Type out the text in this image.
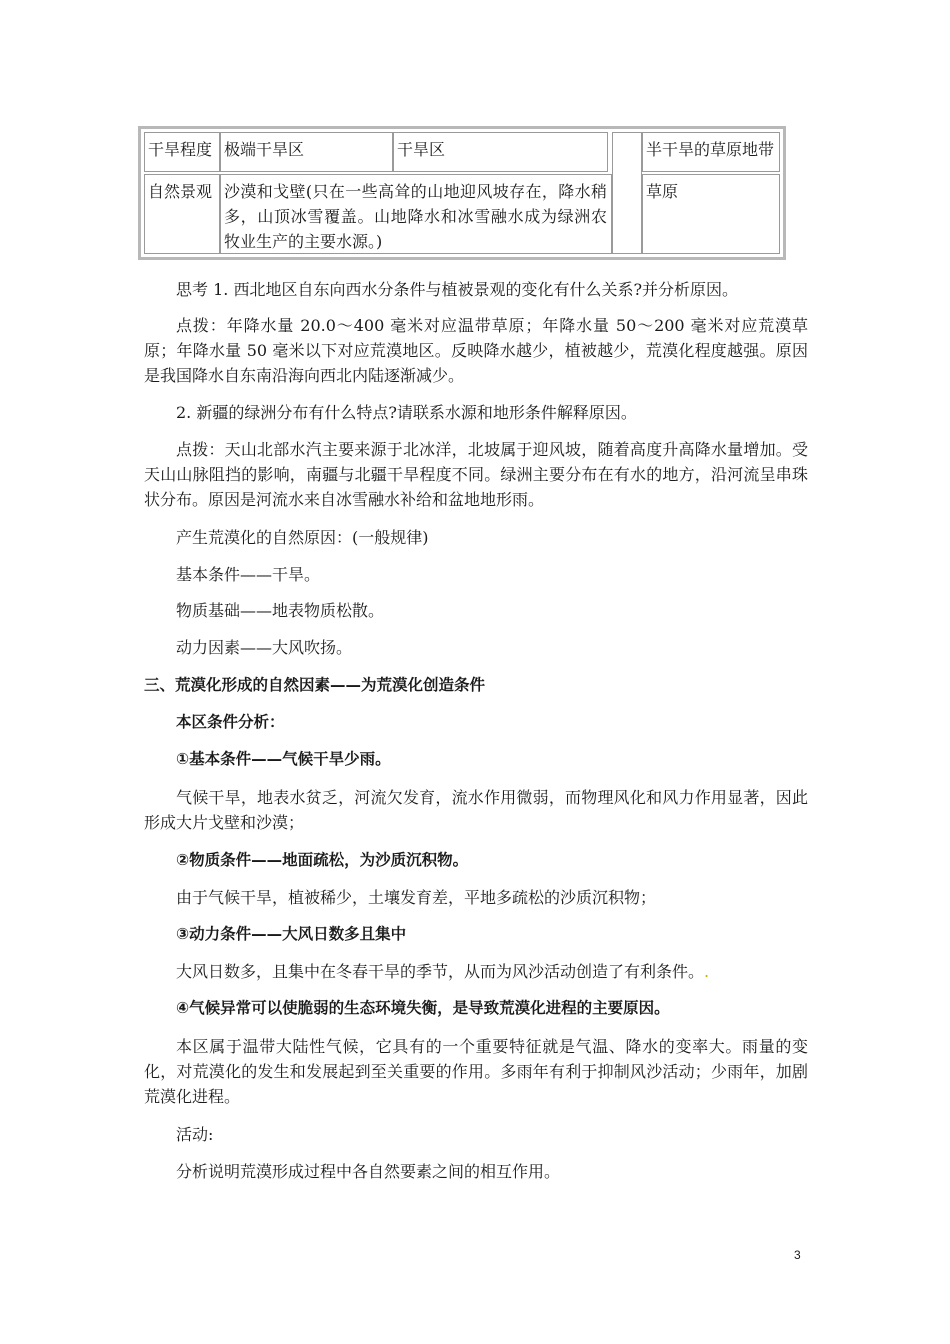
干旱程度 极端干旱区	干旱区	半干旱的草原地带
自然景观 沙漠和戈壁(只在一些高耸的山地迎风坡存在，降水稍多，山顶冰雪覆盖。山地降水和冰雪融水成为绿洲农牧业生产的主要水源。)
草原
思考 1. 西北地区自东向西水分条件与植被景观的变化有什么关系?并分析原因。
点拨：年降水量 20.0～400 毫米对应温带草原；年降水量 50～200 毫米对应荒漠草原；年降水量 50 毫米以下对应荒漠地区。反映降水越少，植被越少，荒漠化程度越强。原因是我国降水自东南沿海向西北内陆逐渐减少。
2. 新疆的绿洲分布有什么特点?请联系水源和地形条件解释原因。
点拨：天山北部水汽主要来源于北冰洋，北坡属于迎风坡，随着高度升高降水量增加。受天山山脉阻挡的影响，南疆与北疆干旱程度不同。绿洲主要分布在有水的地方，沿河流呈串珠状分布。原因是河流水来自冰雪融水补给和盆地地形雨。
产生荒漠化的自然原因：(一般规律)
基本条件——干旱。
物质基础——地表物质松散。
动力因素——大风吹扬。
三、荒漠化形成的自然因素——为荒漠化创造条件
本区条件分析：
①基本条件——气候干旱少雨。
气候干旱，地表水贫乏，河流欠发育，流水作用微弱，而物理风化和风力作用显著，因此形成大片戈壁和沙漠；
②物质条件——地面疏松，为沙质沉积物。
由于气候干旱，植被稀少，土壤发育差，平地多疏松的沙质沉积物；
③动力条件——大风日数多且集中
大风日数多，且集中在冬春干旱的季节，从而为风沙活动创造了有利条件。.
④气候异常可以使脆弱的生态环境失衡，是导致荒漠化进程的主要原因。
本区属于温带大陆性气候，它具有的一个重要特征就是气温、降水的变率大。雨量的变化，对荒漠化的发生和发展起到至关重要的作用。多雨年有利于抑制风沙活动；少雨年，加剧荒漠化进程。
活动:
分析说明荒漠形成过程中各自然要素之间的相互作用。
3
